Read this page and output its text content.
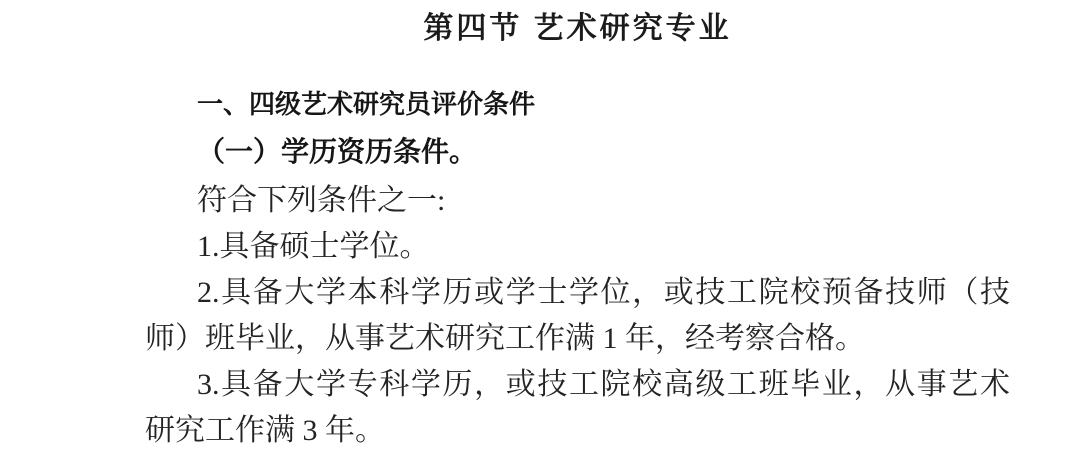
第四节 艺术研究专业
一、四级艺术研究员评价条件
（一）学历资历条件。
符合下列条件之一:
1.具备硕士学位。
2.具备大学本科学历或学士学位，或技工院校预备技师（技
师）班毕业，从事艺术研究工作满 1 年，经考察合格。
3.具备大学专科学历，或技工院校高级工班毕业，从事艺术
研究工作满 3 年。
